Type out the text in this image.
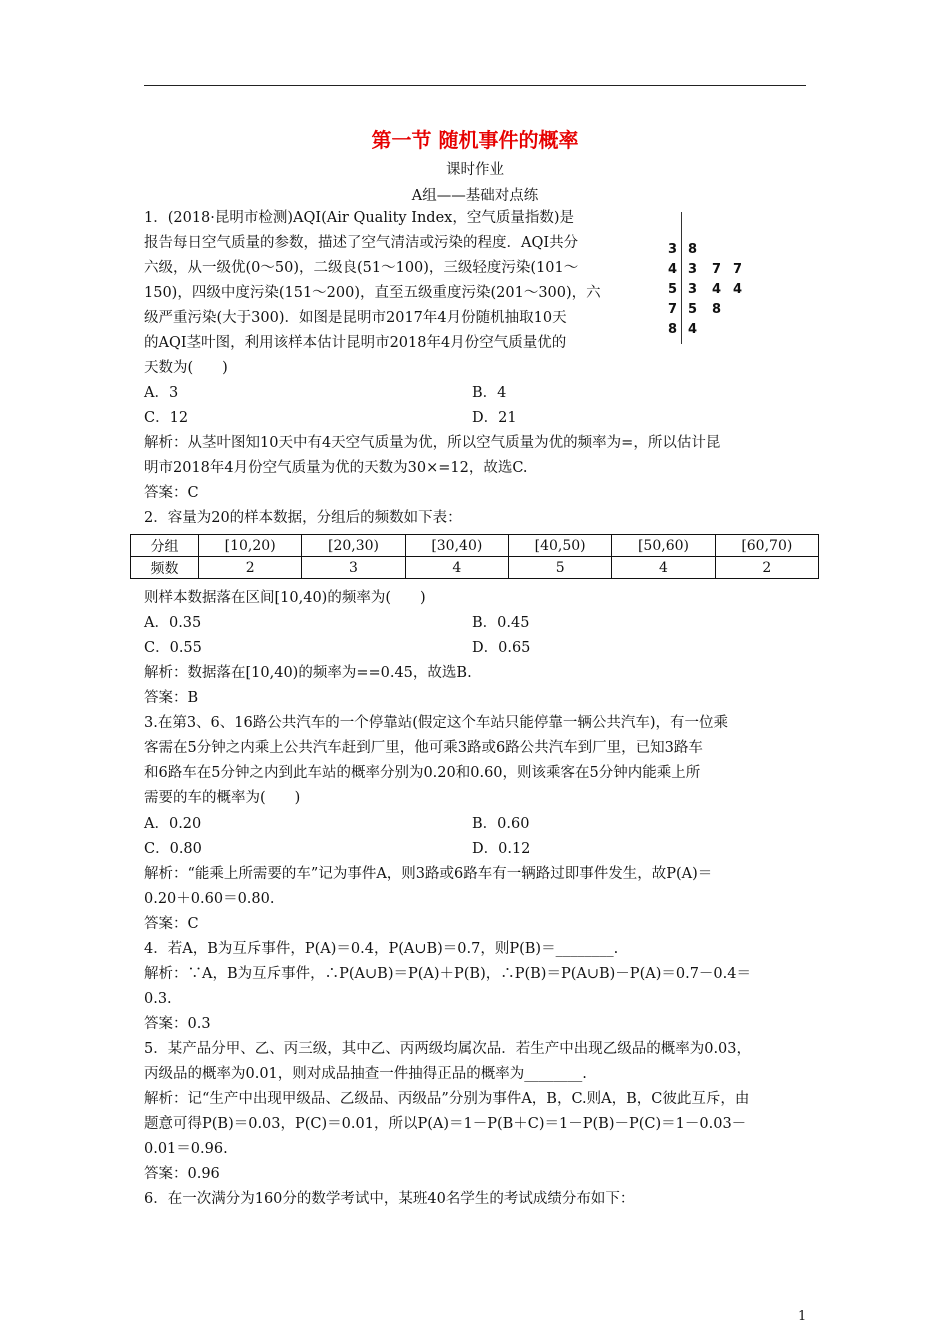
第一节 随机事件的概率
课时作业
A组——基础对点练
1．(2018·昆明市检测)AQI(Air Quality Index，空气质量指数)是
报告每日空气质量的参数，描述了空气清洁或污染的程度．AQI共分
六级，从一级优(0～50)，二级良(51～100)，三级轻度污染(101～
150)，四级中度污染(151～200)，直至五级重度污染(201～300)，六
级严重污染(大于300)．如图是昆明市2017年4月份随机抽取10天
的AQI茎叶图，利用该样本估计昆明市2018年4月份空气质量优的
天数为(　　)
3 8
4 3 7 7
5 3 4 4
7 5 8
8 4
A．3	B．4
C．12	D．21
解析：从茎叶图知10天中有4天空气质量为优，所以空气质量为优的频率为=，所以估计昆
明市2018年4月份空气质量为优的天数为30×=12，故选C.
答案：C
2．容量为20的样本数据，分组后的频数如下表：
分组	[10,20)	[20,30)	[30,40)	[40,50)	[50,60)	[60,70)
频数	2	3	4	5	4	2
则样本数据落在区间[10,40)的频率为(　　)
A．0.35	B．0.45
C．0.55	D．0.65
解析：数据落在[10,40)的频率为==0.45，故选B.
答案：B
3.在第3、6、16路公共汽车的一个停靠站(假定这个车站只能停靠一辆公共汽车)，有一位乘
客需在5分钟之内乘上公共汽车赶到厂里，他可乘3路或6路公共汽车到厂里，已知3路车
和6路车在5分钟之内到此车站的概率分别为0.20和0.60，则该乘客在5分钟内能乘上所
需要的车的概率为(　　)
A．0.20	B．0.60
C．0.80	D．0.12
解析：“能乘上所需要的车”记为事件A，则3路或6路车有一辆路过即事件发生，故P(A)＝
0.20＋0.60＝0.80.
答案：C
4．若A，B为互斥事件，P(A)＝0.4，P(A∪B)＝0.7，则P(B)＝________.
解析：∵A，B为互斥事件，∴P(A∪B)＝P(A)＋P(B)，∴P(B)＝P(A∪B)－P(A)＝0.7－0.4＝
0.3.
答案：0.3
5．某产品分甲、乙、丙三级，其中乙、丙两级均属次品．若生产中出现乙级品的概率为0.03，
丙级品的概率为0.01，则对成品抽查一件抽得正品的概率为________.
解析：记“生产中出现甲级品、乙级品、丙级品”分别为事件A，B，C.则A，B，C彼此互斥，由
题意可得P(B)＝0.03，P(C)＝0.01，所以P(A)＝1－P(B＋C)＝1－P(B)－P(C)＝1－0.03－
0.01＝0.96.
答案：0.96
6．在一次满分为160分的数学考试中，某班40名学生的考试成绩分布如下：
1
